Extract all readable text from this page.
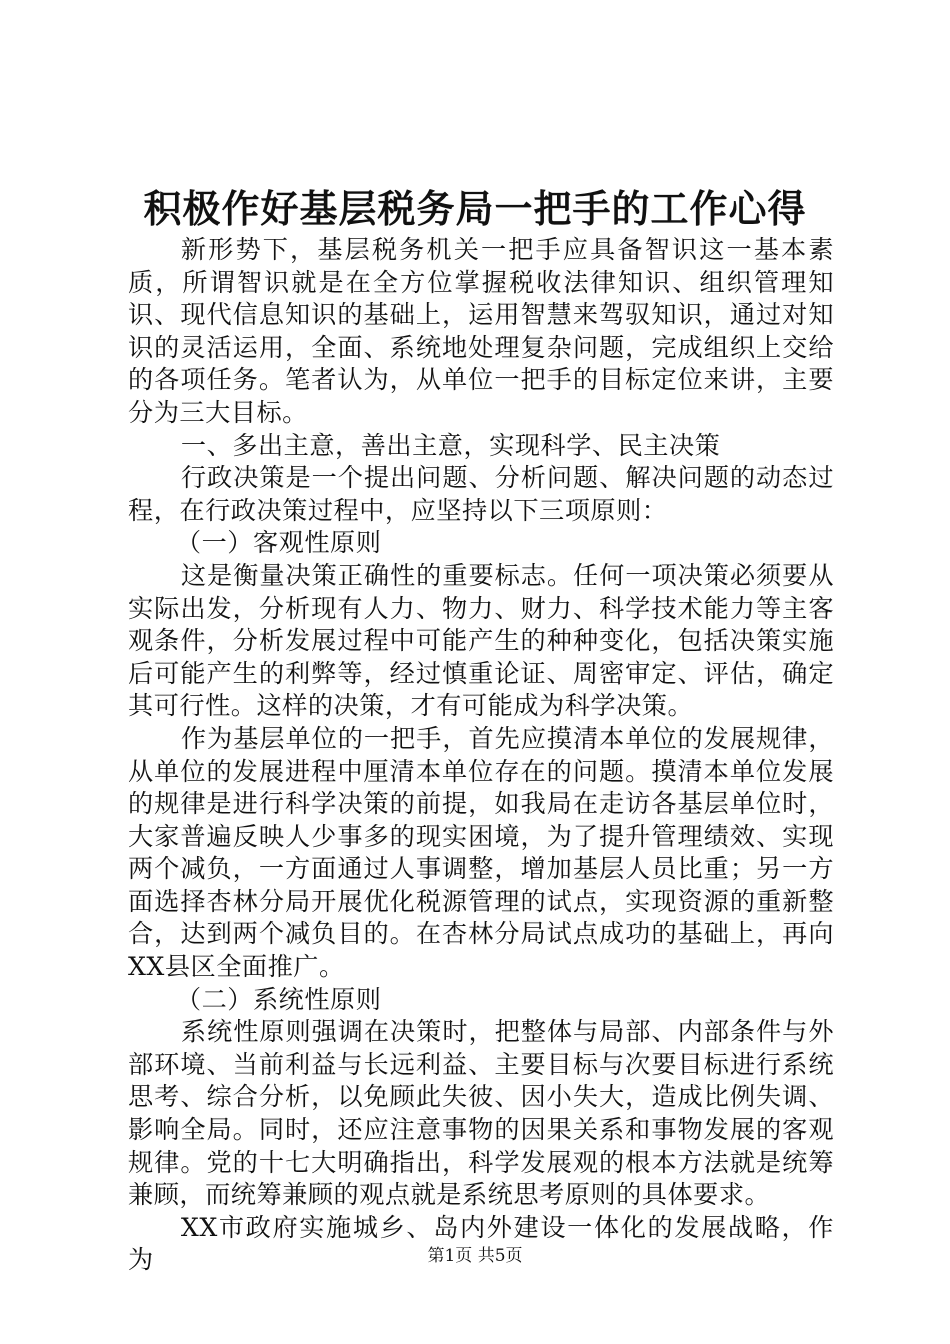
积极作好基层税务局一把手的工作心得

新形势下，基层税务机关一把手应具备智识这一基本素质，所谓智识就是在全方位掌握税收法律知识、组织管理知识、现代信息知识的基础上，运用智慧来驾驭知识，通过对知识的灵活运用，全面、系统地处理复杂问题，完成组织上交给的各项任务。笔者认为，从单位一把手的目标定位来讲，主要分为三大目标。

一、多出主意，善出主意，实现科学、民主决策

行政决策是一个提出问题、分析问题、解决问题的动态过程，在行政决策过程中，应坚持以下三项原则：

（一）客观性原则

这是衡量决策正确性的重要标志。任何一项决策必须要从实际出发，分析现有人力、物力、财力、科学技术能力等主客观条件，分析发展过程中可能产生的种种变化，包括决策实施后可能产生的利弊等，经过慎重论证、周密审定、评估，确定其可行性。这样的决策，才有可能成为科学决策。

作为基层单位的一把手，首先应摸清本单位的发展规律，从单位的发展进程中厘清本单位存在的问题。摸清本单位发展的规律是进行科学决策的前提，如我局在走访各基层单位时，大家普遍反映人少事多的现实困境，为了提升管理绩效、实现两个减负，一方面通过人事调整，增加基层人员比重；另一方面选择杏林分局开展优化税源管理的试点，实现资源的重新整合，达到两个减负目的。在杏林分局试点成功的基础上，再向XX县区全面推广。

（二）系统性原则

系统性原则强调在决策时，把整体与局部、内部条件与外部环境、当前利益与长远利益、主要目标与次要目标进行系统思考、综合分析，以免顾此失彼、因小失大，造成比例失调、影响全局。同时，还应注意事物的因果关系和事物发展的客观规律。党的十七大明确指出，科学发展观的根本方法就是统筹兼顾，而统筹兼顾的观点就是系统思考原则的具体要求。

XX市政府实施城乡、岛内外建设一体化的发展战略，作为	第1页 共5页
